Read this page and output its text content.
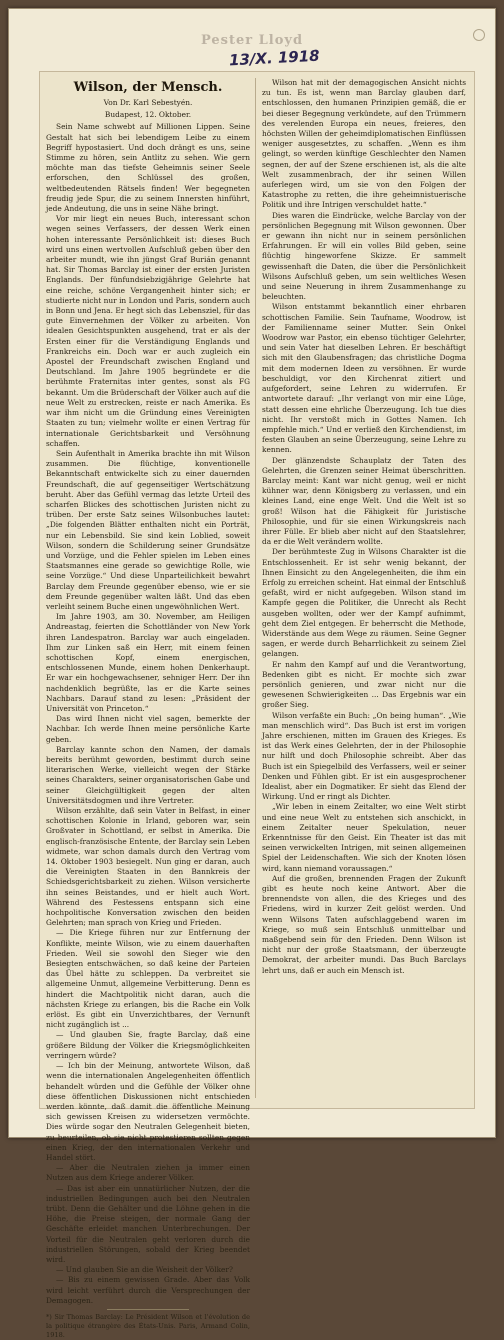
Pester Lloyd
13/X. 1918
Wilson, der Mensch.
Von Dr. Karl Sebestyén.
Budapest, 12. Oktober.

Sein Name schwebt auf Millionen Lippen. Seine Gestalt hat sich bei lebendigem Leibe zu einem Begriff hypostasiert. Und doch drängt es uns, seine Stimme zu hören, sein Antlitz zu sehen. Wie gern möchte man das tiefste Geheimnis seiner Seele erforschen, den Schlüssel des großen, weltbedeutenden Rätsels finden! Wer begegneten freudig jede Spur, die zu seinem Innersten hinführt, jede Andeutung, die uns in seine Nähe bringt.

Vor mir liegt ein neues Buch, interessant schon wegen seines Verfassers, der dessen Werk einen hohen interessante Persönlichkeit ist: dieses Buch wird uns einen wertvollen Aufschluß geben über den arbeiter mundt, wie ihn jüngst Graf Burián genannt hat. Sir Thomas Barclay ist einer der ersten Juristen Englands. Der fünfundsiebzigjährige Gelehrte hat eine reiche, schöne Vergangenheit hinter sich; er studierte nicht nur in London und Paris, sondern auch in Bonn und Jena. Er hegt sich das Lebensziel, für das gute Einvernehmen der Völker zu arbeiten. Von idealen Gesichtspunkten ausgehend, trat er als der Ersten einer für die Verständigung Englands und Frankreichs ein. Doch war er auch zugleich ein Apostel der Freundschaft zwischen England und Deutschland. Im Jahre 1905 begründete er die berühmte Fraternitas inter gentes, sonst als FG bekannt. Um die Brüderschaft der Völker auch auf die neue Welt zu erstrecken, reiste er nach Amerika. Es war ihm nicht um die Gründung eines Vereinigten Staaten zu tun; vielmehr wollte er einen Vertrag für internationale Gerichtsbarkeit und Versöhnung schaffen.

Sein Aufenthalt in Amerika brachte ihn mit Wilson zusammen. Die flüchtige, konventionelle Bekanntschaft entwickelte sich zu einer dauernden Freundschaft, die auf gegenseitiger Wertschätzung beruht. Aber das Gefühl vermag das letzte Urteil des scharfen Blickes des schottischen Juristen nicht zu trüben. Der erste Satz seines Wilsonbuches lautet: „Die folgenden Blätter enthalten nicht ein Porträt, nur ein Lebensbild. Sie sind kein Loblied, soweit Wilson, sondern die Schilderung seiner Grundsätze und Vorzüge, und die Fehler spielen im Leben eines Staatsmannes eine gerade so gewichtige Rolle, wie seine Vorzüge.“ Und diese Unparteilichkeit bewahrt Barclay dem Freunde gegenüber ebenso, wie er sie dem Freunde gegenüber walten läßt. Und das eben verleiht seinem Buche einen ungewöhnlichen Wert.

Im Jahre 1903, am 30. November, am Heiligen Andreastag, feierten die Schottländer von New York ihren Landespatron. Barclay war auch eingeladen. Ihm zur Linken saß ein Herr, mit einem feinen schottischen Kopf, einem energischen, entschlossenen Munde, einem hohen Denkerhaupt. Er war ein hochgewachsener, sehniger Herr. Der ihn nachdenklich begrüßte, las er die Karte seines Nachbars. Darauf stand zu lesen: „Präsident der Universität von Princeton.“

Das wird Ihnen nicht viel sagen, bemerkte der Nachbar. Ich werde Ihnen meine persönliche Karte geben.

Barclay kannte schon den Namen, der damals bereits berühmt geworden, bestimmt durch seine literarischen Werke, vielleicht wegen der Stärke seines Charakters, seiner organisatorischen Gabe und seiner Gleichgültigkeit gegen der alten Universitätsdogmen und ihre Vertreter.

Wilson erzählte, daß sein Vater in Belfast, in einer schottischen Kolonie in Irland, geboren war, sein Großvater in Schottland, er selbst in Amerika. Die englisch-französische Entente, der Barclay sein Leben widmete, war schon damals durch den Vertrag vom 14. Oktober 1903 besiegelt. Nun ging er daran, auch die Vereinigten Staaten in den Bannkreis der Schiedsgerichtsbarkeit zu ziehen. Wilson versicherte ihn seines Beistandes, und er hielt auch Wort. Während des Festessens entspann sich eine hochpolitische Konversation zwischen den beiden Gelehrten; man sprach von Krieg und Frieden.

— Die Kriege führen nur zur Entfernung der Konflikte, meinte Wilson, wie zu einem dauerhaften Frieden. Weil sie sowohl den Sieger wie den Besiegten entschwächen, so daß keine der Parteien das Übel hätte zu schleppen. Da verbreitet sie allgemeine Unmut, allgemeine Verbitterung. Denn es hindert die Machtpolitik nicht daran, auch die nächsten Kriege zu erlangen, bis die Rache ein Volk erlöst. Es gibt ein Unverzichtbares, der Vernunft nicht zugänglich ist ...

— Und glauben Sie, fragte Barclay, daß eine größere Bildung der Völker die Kriegsmöglichkeiten verringern würde?

— Ich bin der Meinung, antwortete Wilson, daß wenn die internationalen Angelegenheiten öffentlich behandelt würden und die Gefühle der Völker ohne diese öffentlichen Diskussionen nicht entschieden werden könnte, daß damit die öffentliche Meinung sich gewissen Kreisen zu widersetzen vermöchte. Dies würde sogar den Neutralen Gelegenheit bieten, zu beurteilen, ob sie nicht protestieren sollten gegen einen Krieg, der den internationalen Verkehr und Handel stört.

— Aber die Neutralen ziehen ja immer einen Nutzen aus dem Kriege anderer Völker.

— Das ist aber ein unnatürlicher Nutzen, der die industriellen Bedingungen auch bei den Neutralen trübt. Denn die Gehälter und die Löhne gehen in die Höhe, die Preise steigen, der normale Gang der Geschäfte erleidet manchen Unterbrechungen. Der Vorteil für die Neutralen geht verloren durch die industriellen Störungen, sobald der Krieg beendet wird.

— Und glauben Sie an die Weisheit der Völker?

— Bis zu einem gewissen Grade. Aber das Volk wird leicht verführt durch die Versprechungen der Demagogen.

*) Sir Thomas Barclay: Le Président Wilson et l'évolution de la politique étrangère des États-Unis. Paris, Armand Colin, 1918.

Wilson hat mit der demagogischen Ansicht nichts zu tun. Es ist, wenn man Barclay glauben darf, entschlossen, den humanen Prinzipien gemäß, die er bei dieser Begegnung verkündete, auf den Trümmern des verelenden Europa ein neues, freieres, den höchsten Willen der geheimdiplomatischen Einflüssen weniger ausgesetztes, zu schaffen. „Wenn es ihm gelingt, so werden künftige Geschlechter den Namen segnen, der auf der Szene erschienen ist, als die alte Welt zusammenbrach, der ihr seinen Willen auferlegen wird, um sie von den Folgen der Katastrophe zu retten, die ihre geheimnistuerische Politik und ihre Intrigen verschuldet hatte.“

Dies waren die Eindrücke, welche Barclay von der persönlichen Begegnung mit Wilson gewonnen. Über er gewann ihn nicht nur in seinem persönlichen Erfahrungen. Er will ein volles Bild geben, seine flüchtig hingeworfene Skizze. Er sammelt gewissenhaft die Daten, die über die Persönlichkeit Wilsons Aufschluß geben, um sein weltliches Wesen und seine Neuerung in ihrem Zusammenhange zu beleuchten.

Wilson entstammt bekanntlich einer ehrbaren schottischen Familie. Sein Taufname, Woodrow, ist der Familienname seiner Mutter. Sein Onkel Woodrow war Pastor, ein ebenso tüchtiger Gelehrter, und sein Vater hat dieselben Lehren. Er beschäftigt sich mit den Glaubensfragen; das christliche Dogma mit dem modernen Ideen zu versöhnen. Er wurde beschuldigt, vor den Kirchenrat zitiert und aufgefordert, seine Lehren zu widerrufen. Er antwortete darauf: „Ihr verlangt von mir eine Lüge, statt dessen eine ehrliche Überzeugung. Ich tue dies nicht. Ihr verstoßt mich in Gottes Namen. Ich empfehle mich.“ Und er verließ den Kirchendienst, im festen Glauben an seine Überzeugung, seine Lehre zu kennen.

Der glänzendste Schauplatz der Taten des Gelehrten, die Grenzen seiner Heimat überschritten. Barclay meint: Kant war nicht genug, weil er nicht kühner war, denn Königsberg zu verlassen, und ein kleines Land, eine enge Welt. Und die Welt ist so groß! Wilson hat die Fähigkeit für Juristische Philosophie, und für sie einen Wirkungskreis nach ihrer Fülle. Er blieb aber nicht auf den Staatslehrer, da er die Welt verändern wollte.

Der berühmteste Zug in Wilsons Charakter ist die Entschlossenheit. Er ist sehr wenig bekannt, der Ihnen Einsicht zu den Angelegenheiten, die ihm ein Erfolg zu erreichen scheint. Hat einmal der Entschluß gefaßt, wird er nicht aufgegeben. Wilson stand im Kampfe gegen die Politiker, die Unrecht als Recht ausgeben wollten, oder wer der Kampf aufnimmt, geht dem Ziel entgegen. Er beherrscht die Methode, Widerstände aus dem Wege zu räumen. Seine Gegner sagen, er werde durch Beharrlichkeit zu seinem Ziel gelangen.

Er nahm den Kampf auf und die Verantwortung, Bedenken gibt es nicht. Er mochte sich zwar persönlich genieren, und zwar nicht nur die gewesenen Schwierigkeiten ... Das Ergebnis war ein großer Sieg.

Wilson verfaßte ein Buch: „On being human“. „Wie man menschlich wird“. Das Buch ist erst im vorigen Jahre erschienen, mitten im Grauen des Krieges. Es ist das Werk eines Gelehrten, der in der Philosophie nur hilft und doch Philosophie schreibt. Aber das Buch ist ein Spiegelbild des Verfassers, weil er seiner Denken und Fühlen gibt. Er ist ein ausgesprochener Idealist, aber ein Dogmatiker. Er sieht das Elend der Wirkung. Und er ringt als Dichter.

„Wir leben in einem Zeitalter, wo eine Welt stirbt und eine neue Welt zu entstehen sich anschickt, in einem Zeitalter neuer Spekulation, neuer Erkenntnisse für den Geist. Ein Theater ist das mit seinen verwickelten Intrigen, mit seinen allgemeinen Spiel der Leidenschaften. Wie sich der Knoten lösen wird, kann niemand voraussagen.“

Auf die großen, brennenden Fragen der Zukunft gibt es heute noch keine Antwort. Aber die brennendste von allen, die des Krieges und des Friedens, wird in kurzer Zeit gelöst werden. Und wenn Wilsons Taten aufschlaggebend waren im Kriege, so muß sein Entschluß unmittelbar und maßgebend sein für den Frieden. Denn Wilson ist nicht nur der große Staatsmann, der überzeugte Demokrat, der arbeiter mundi. Das Buch Barclays lehrt uns, daß er auch ein Mensch ist.
